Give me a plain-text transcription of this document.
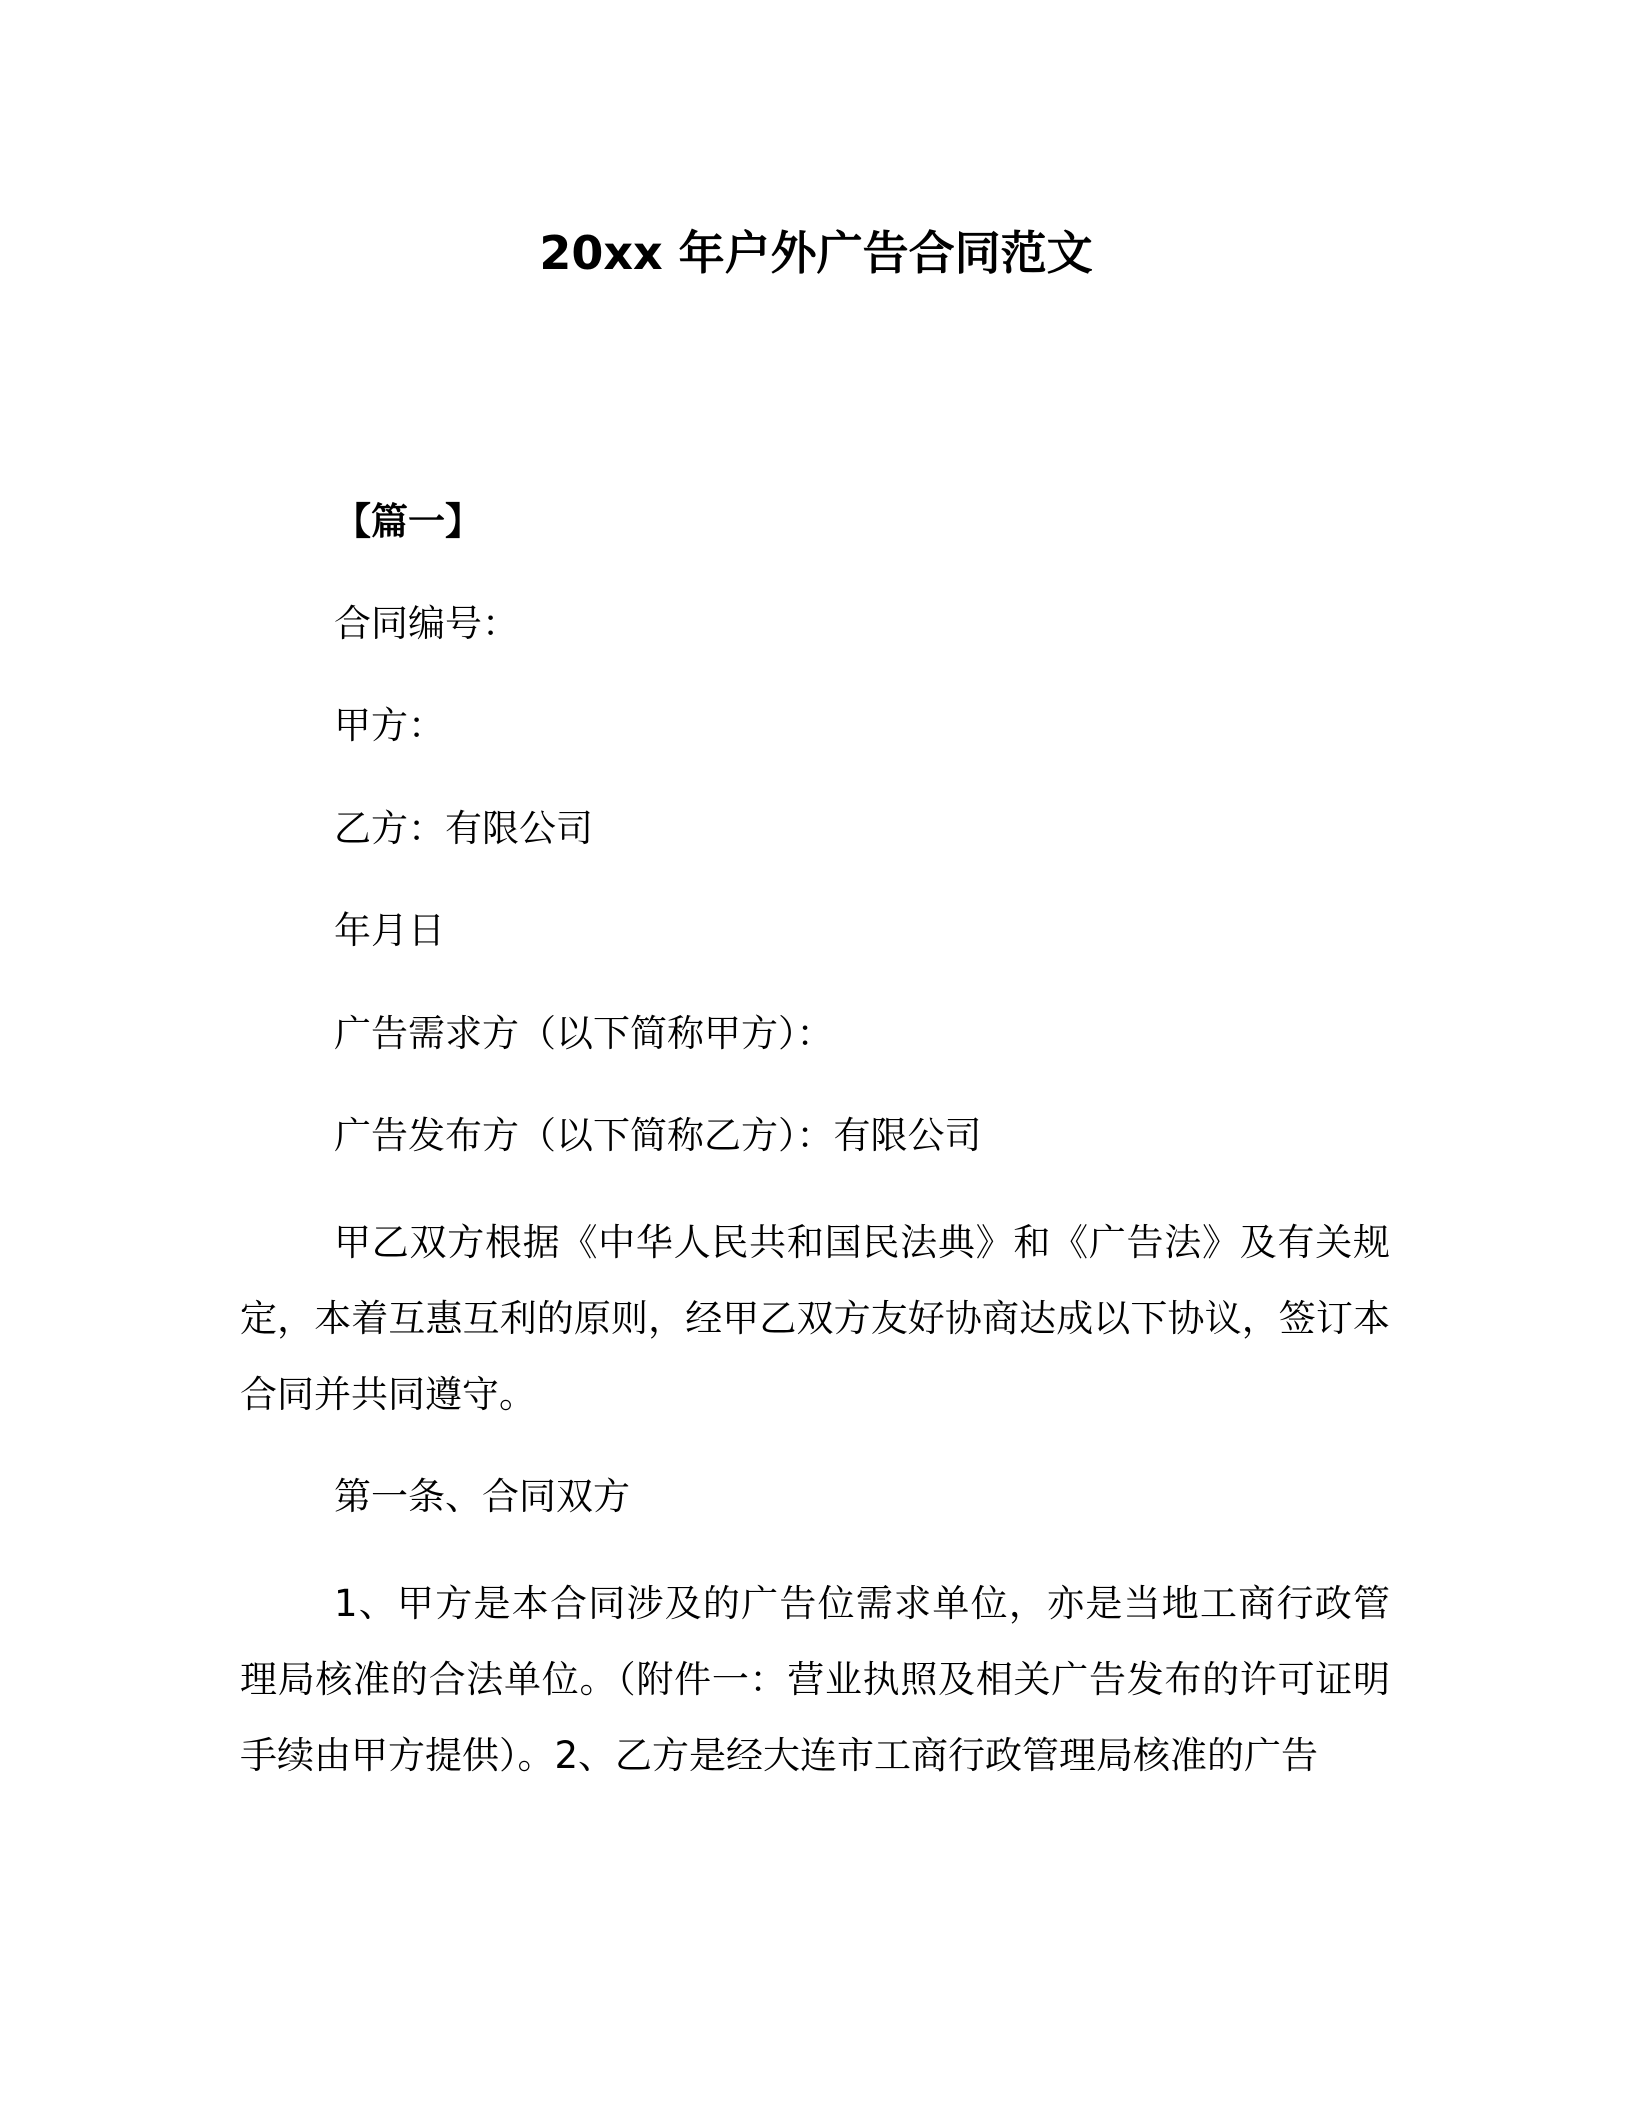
20xx 年户外广告合同范文
【篇一】
合同编号：
甲方：
乙方：有限公司
年月日
广告需求方（以下简称甲方）：
广告发布方（以下简称乙方）：有限公司
甲乙双方根据《中华人民共和国民法典》和《广告法》及有关规定，本着互惠互利的原则，经甲乙双方友好协商达成以下协议，签订本合同并共同遵守。
第一条、合同双方
1、甲方是本合同涉及的广告位需求单位，亦是当地工商行政管理局核准的合法单位。（附件一：营业执照及相关广告发布的许可证明手续由甲方提供）。2、乙方是经大连市工商行政管理局核准的广告
